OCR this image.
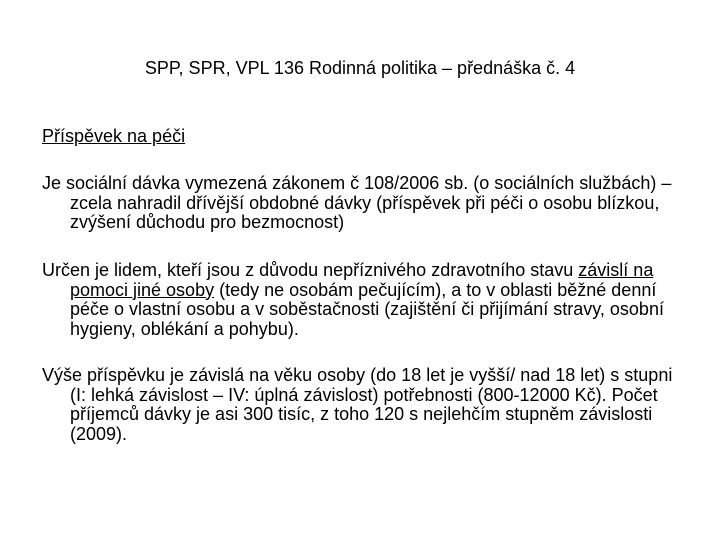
SPP, SPR, VPL 136 Rodinná politika – přednáška č. 4
Příspěvek na péči
Je sociální dávka vymezená zákonem č 108/2006 sb. (o sociálních službách) – zcela nahradil dřívější obdobné dávky (příspěvek při péči o osobu blízkou, zvýšení důchodu pro bezmocnost)
Určen je lidem, kteří jsou z důvodu nepříznivého zdravotního stavu závislí na pomoci jiné osoby (tedy ne osobám pečujícím), a to v oblasti běžné denní péče o vlastní osobu a v soběstačnosti (zajištění či přijímání stravy, osobní hygieny, oblékání a pohybu).
Výše příspěvku je závislá na věku osoby (do 18 let je vyšší/ nad 18 let) s stupni (I: lehká závislost – IV: úplná závislost) potřebnosti (800-12000 Kč). Počet příjemců dávky je asi 300 tisíc, z toho 120 s nejlehčím stupněm závislosti (2009).
